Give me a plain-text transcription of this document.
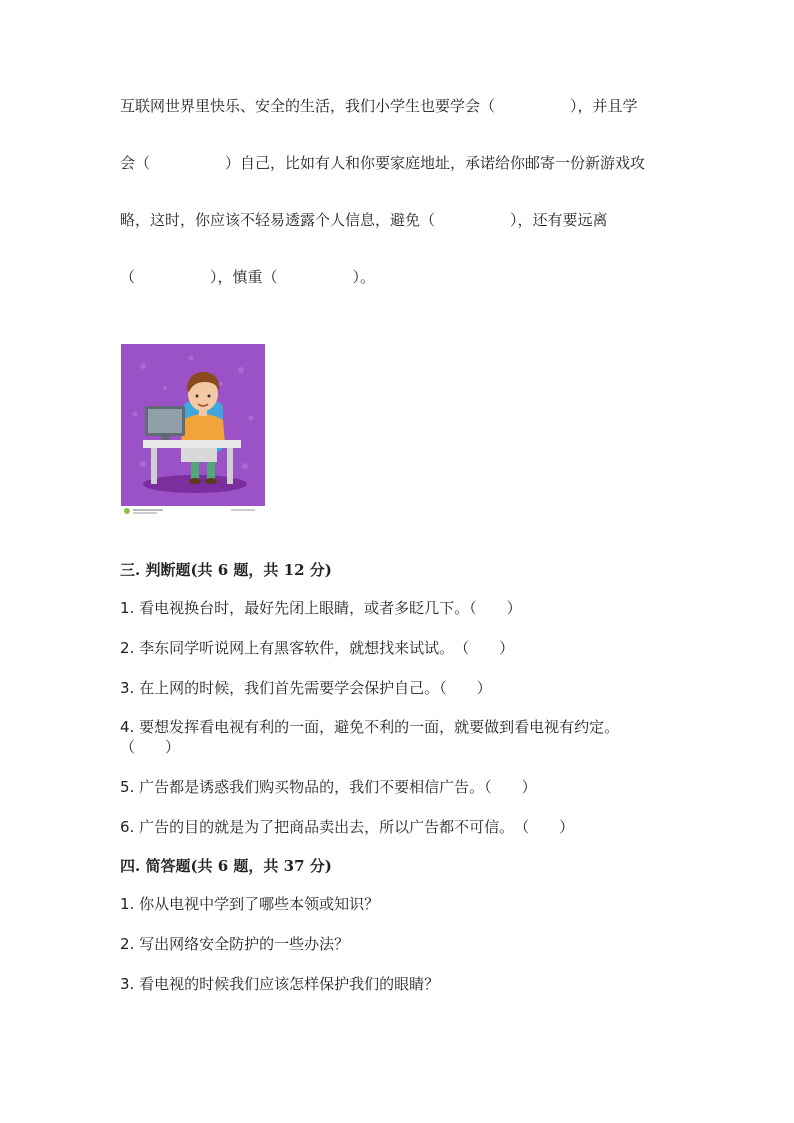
互联网世界里快乐、安全的生活，我们小学生也要学会（　　　　　），并且学
会（　　　　　）自己，比如有人和你要家庭地址，承诺给你邮寄一份新游戏攻
略，这时，你应该不轻易透露个人信息，避免（　　　　　），还有要远离
（　　　　　），慎重（　　　　　）。
三. 判断题(共 6 题，共 12 分)
1. 看电视换台时，最好先闭上眼睛，或者多眨几下。（　　）
2. 李东同学听说网上有黑客软件，就想找来试试。　（　　）
3. 在上网的时候，我们首先需要学会保护自己。（　　）
4. 要想发挥看电视有利的一面，避免不利的一面，就要做到看电视有约定。
（　　）
5. 广告都是诱惑我们购买物品的，我们不要相信广告。（　　）
6. 广告的目的就是为了把商品卖出去，所以广告都不可信。　（　　）
四. 简答题(共 6 题，共 37 分)
1. 你从电视中学到了哪些本领或知识？
2. 写出网络安全防护的一些办法？
3. 看电视的时候我们应该怎样保护我们的眼睛？
